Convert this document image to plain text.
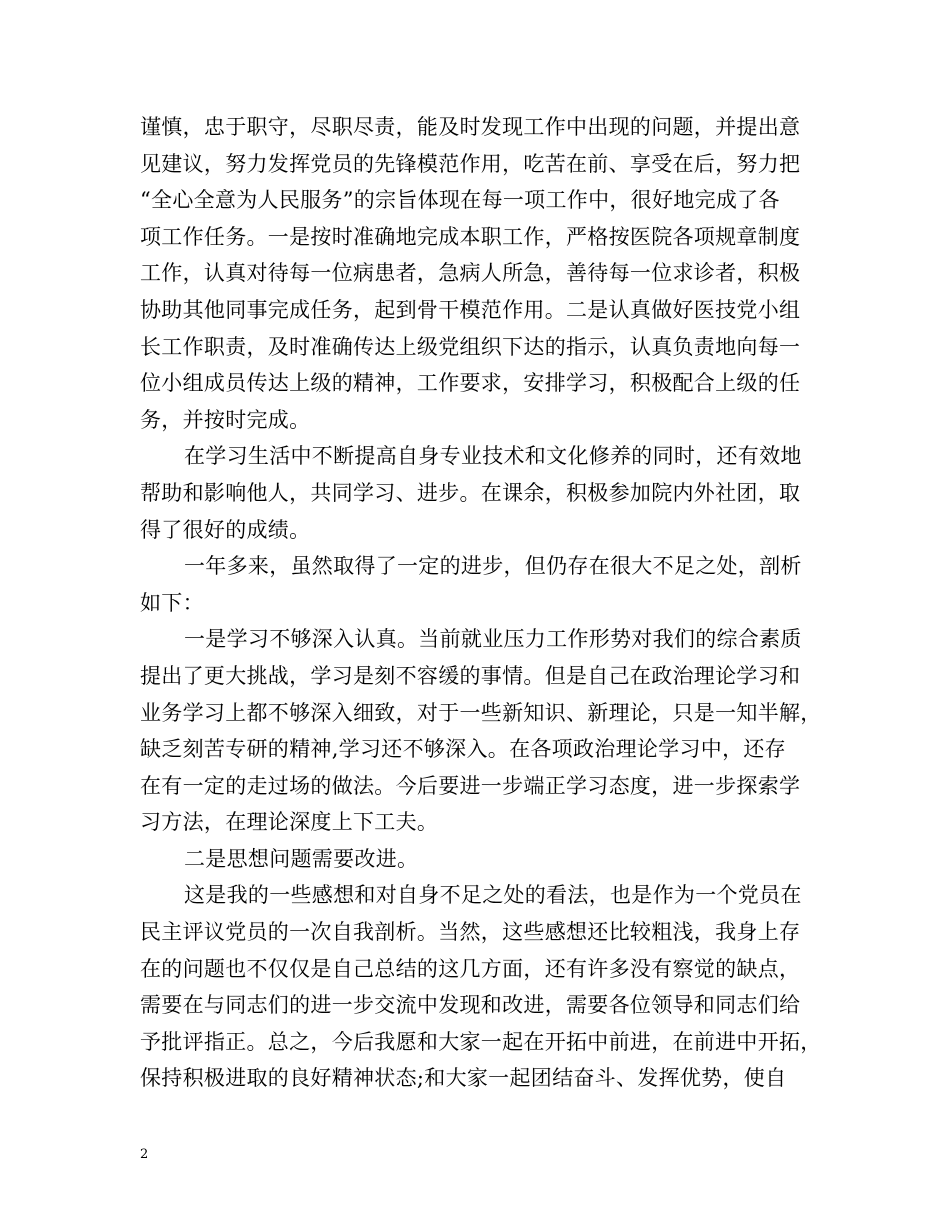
谨慎，忠于职守，尽职尽责，能及时发现工作中出现的问题，并提出意
见建议，努力发挥党员的先锋模范作用，吃苦在前、享受在后，努力把
“全心全意为人民服务”的宗旨体现在每一项工作中，很好地完成了各
项工作任务。一是按时准确地完成本职工作，严格按医院各项规章制度
工作，认真对待每一位病患者，急病人所急，善待每一位求诊者，积极
协助其他同事完成任务，起到骨干模范作用。二是认真做好医技党小组
长工作职责，及时准确传达上级党组织下达的指示，认真负责地向每一
位小组成员传达上级的精神，工作要求，安排学习，积极配合上级的任
务，并按时完成。
在学习生活中不断提高自身专业技术和文化修养的同时，还有效地
帮助和影响他人，共同学习、进步。在课余，积极参加院内外社团，取
得了很好的成绩。
一年多来，虽然取得了一定的进步，但仍存在很大不足之处，剖析
如下：
一是学习不够深入认真。当前就业压力工作形势对我们的综合素质
提出了更大挑战，学习是刻不容缓的事情。但是自己在政治理论学习和
业务学习上都不够深入细致，对于一些新知识、新理论，只是一知半解，
缺乏刻苦专研的精神,学习还不够深入。在各项政治理论学习中，还存
在有一定的走过场的做法。今后要进一步端正学习态度，进一步探索学
习方法，在理论深度上下工夫。
二是思想问题需要改进。
这是我的一些感想和对自身不足之处的看法，也是作为一个党员在
民主评议党员的一次自我剖析。当然，这些感想还比较粗浅，我身上存
在的问题也不仅仅是自己总结的这几方面，还有许多没有察觉的缺点，
需要在与同志们的进一步交流中发现和改进，需要各位领导和同志们给
予批评指正。总之，今后我愿和大家一起在开拓中前进，在前进中开拓，
保持积极进取的良好精神状态;和大家一起团结奋斗、发挥优势，使自
2
